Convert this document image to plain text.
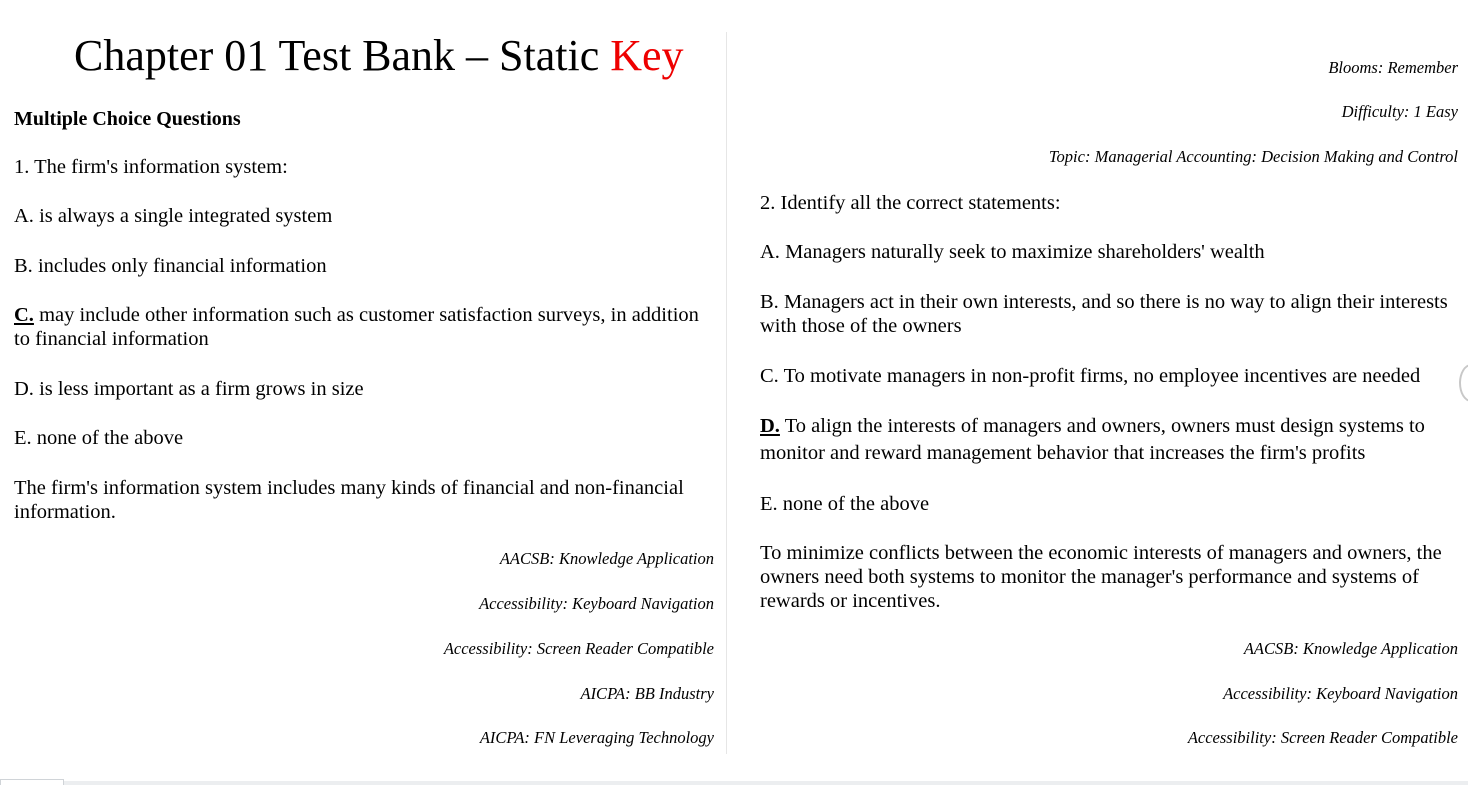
Chapter 01 Test Bank – Static Key
Multiple Choice Questions
1. The firm's information system:
A. is always a single integrated system
B. includes only financial information
C. may include other information such as customer satisfaction surveys, in addition to financial information
D. is less important as a firm grows in size
E. none of the above
The firm's information system includes many kinds of financial and non-financial information.
AACSB: Knowledge Application
Accessibility: Keyboard Navigation
Accessibility: Screen Reader Compatible
AICPA: BB Industry
AICPA: FN Leveraging Technology
Blooms: Remember
Difficulty: 1 Easy
Topic: Managerial Accounting: Decision Making and Control
2. Identify all the correct statements:
A. Managers naturally seek to maximize shareholders' wealth
B. Managers act in their own interests, and so there is no way to align their interests with those of the owners
C. To motivate managers in non-profit firms, no employee incentives are needed
D. To align the interests of managers and owners, owners must design systems to monitor and reward management behavior that increases the firm's profits
E. none of the above
To minimize conflicts between the economic interests of managers and owners, the owners need both systems to monitor the manager's performance and systems of rewards or incentives.
AACSB: Knowledge Application
Accessibility: Keyboard Navigation
Accessibility: Screen Reader Compatible
